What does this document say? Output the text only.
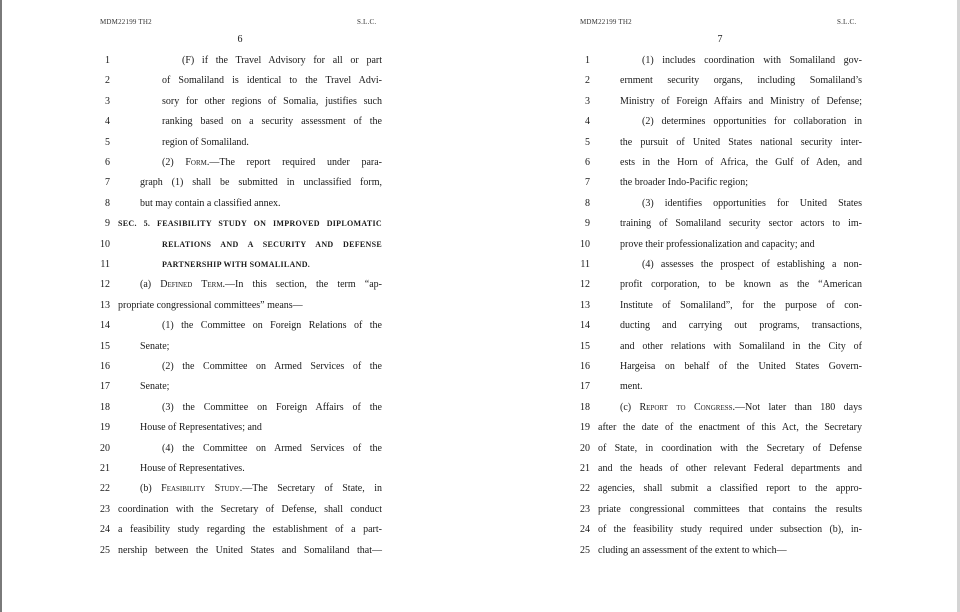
MDM22199 TH2	S.L.C.
6
1	(F) if the Travel Advisory for all or part
2	of Somaliland is identical to the Travel Advi-
3	sory for other regions of Somalia, justifies such
4	ranking based on a security assessment of the
5	region of Somaliland.
6	(2) Form.—The report required under para-
7	graph (1) shall be submitted in unclassified form,
8	but may contain a classified annex.
9 SEC. 5. FEASIBILITY STUDY ON IMPROVED DIPLOMATIC
10	RELATIONS AND A SECURITY AND DEFENSE
11	PARTNERSHIP WITH SOMALILAND.
12	(a) Defined Term.—In this section, the term “ap-
13 propriate congressional committees” means—
14	(1) the Committee on Foreign Relations of the
15	Senate;
16	(2) the Committee on Armed Services of the
17	Senate;
18	(3) the Committee on Foreign Affairs of the
19	House of Representatives; and
20	(4) the Committee on Armed Services of the
21	House of Representatives.
22	(b) Feasibility Study.—The Secretary of State, in
23 coordination with the Secretary of Defense, shall conduct
24 a feasibility study regarding the establishment of a part-
25 nership between the United States and Somaliland that—
MDM22199 TH2	S.L.C.
7
1	(1) includes coordination with Somaliland gov-
2	ernment security organs, including Somaliland’s
3	Ministry of Foreign Affairs and Ministry of Defense;
4	(2) determines opportunities for collaboration in
5	the pursuit of United States national security inter-
6	ests in the Horn of Africa, the Gulf of Aden, and
7	the broader Indo-Pacific region;
8	(3) identifies opportunities for United States
9	training of Somaliland security sector actors to im-
10	prove their professionalization and capacity; and
11	(4) assesses the prospect of establishing a non-
12	profit corporation, to be known as the “American
13	Institute of Somaliland”, for the purpose of con-
14	ducting and carrying out programs, transactions,
15	and other relations with Somaliland in the City of
16	Hargeisa on behalf of the United States Govern-
17	ment.
18	(c) Report to Congress.—Not later than 180 days
19 after the date of the enactment of this Act, the Secretary
20 of State, in coordination with the Secretary of Defense
21 and the heads of other relevant Federal departments and
22 agencies, shall submit a classified report to the appro-
23 priate congressional committees that contains the results
24 of the feasibility study required under subsection (b), in-
25 cluding an assessment of the extent to which—
